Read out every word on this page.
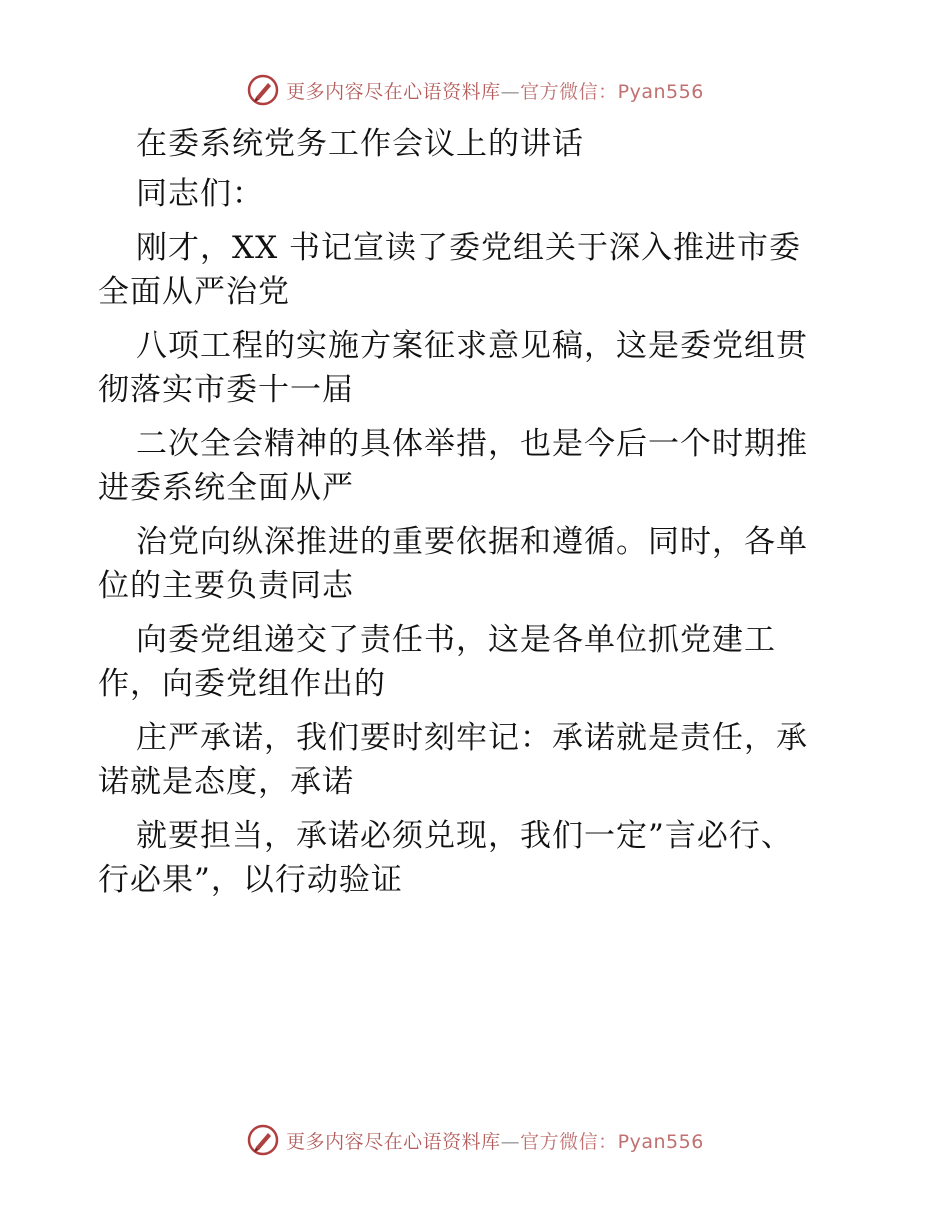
更多内容尽在心语资料库—官方微信：Pyan556
在委系统党务工作会议上的讲话
同志们：
刚才，XX 书记宣读了委党组关于深入推进市委
全面从严治党
八项工程的实施方案征求意见稿，这是委党组贯
彻落实市委十一届
二次全会精神的具体举措，也是今后一个时期推
进委系统全面从严
治党向纵深推进的重要依据和遵循。同时，各单
位的主要负责同志
向委党组递交了责任书，这是各单位抓党建工
作，向委党组作出的
庄严承诺，我们要时刻牢记：承诺就是责任，承
诺就是态度，承诺
就要担当，承诺必须兑现，我们一定”言必行、
行必果”，以行动验证
更多内容尽在心语资料库—官方微信：Pyan556
